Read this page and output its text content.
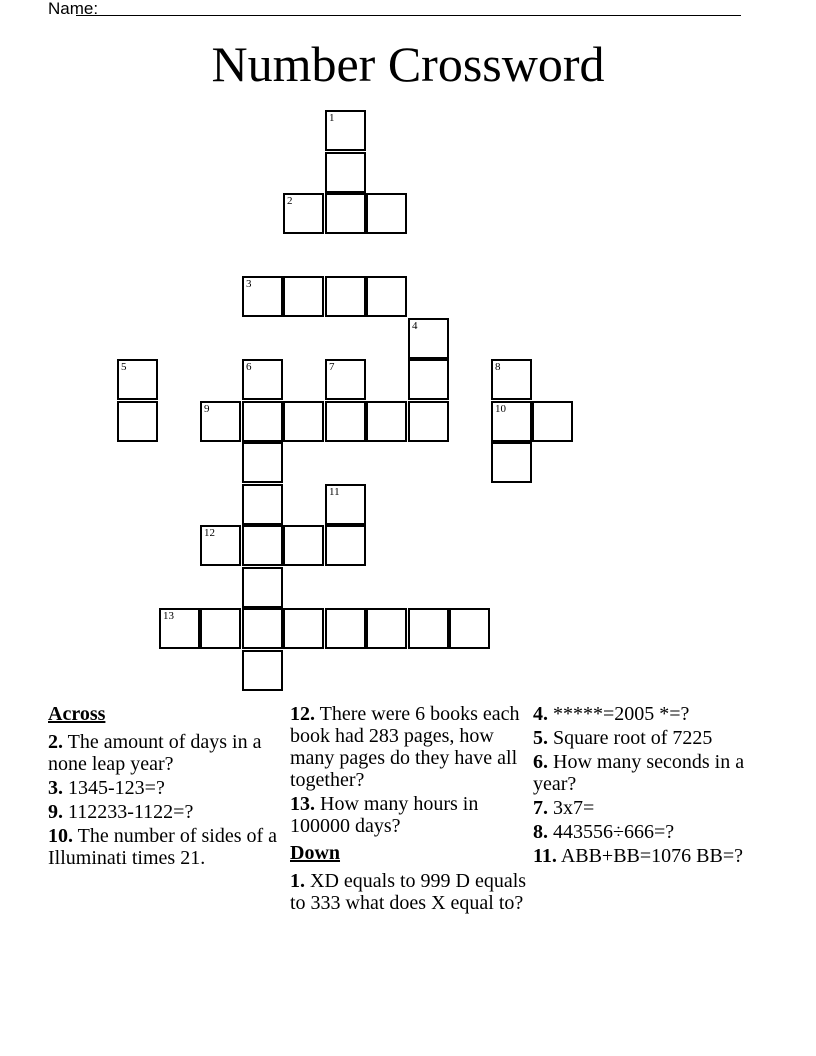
Name:
Number Crossword
1
2
3
4
5	6	7	8
10
9
11
12
13
Across
2. The amount of days in a none leap year?
3. 1345-123=?
9. 112233-1122=?
10. The number of sides of a Illuminati times 21.
12. There were 6 books each book had 283 pages, how many pages do they have all together?
13. How many hours in 100000 days?
Down
1. XD equals to 999 D equals to 333 what does X equal to?
4. *****=2005 *=?
5. Square root of 7225
6. How many seconds in a year?
7. 3x7=
8. 443556÷666=?
11. ABB+BB=1076 BB=?
